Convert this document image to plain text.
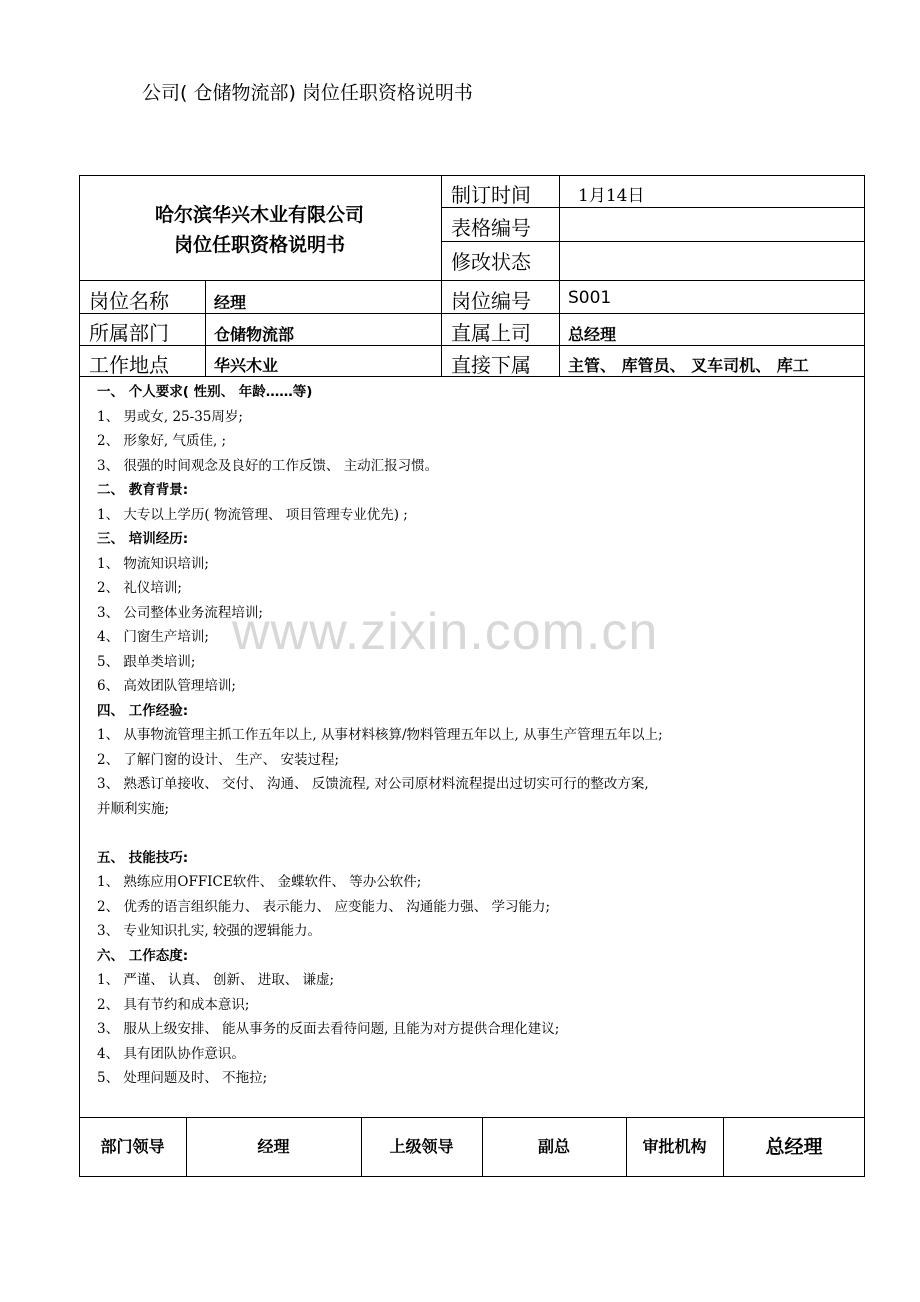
公司( 仓储物流部) 岗位任职资格说明书
www.zixin.com.cn
哈尔滨华兴木业有限公司
岗位任职资格说明书
制订时间	1月14日
表格编号
修改状态
岗位名称	经理	岗位编号 S001
所属部门	仓储物流部	直属上司 总经理
工作地点	华兴木业	直接下属 主管、 库管员、 叉车司机、 库工
一、 个人要求( 性别、 年龄……等)
1、 男或女, 25-35周岁;
2、 形象好, 气质佳, ;
3、 很强的时间观念及良好的工作反馈、 主动汇报习惯。
二、 教育背景:
1、 大专以上学历( 物流管理、 项目管理专业优先) ;
三、 培训经历:
1、 物流知识培训;
2、 礼仪培训;
3、 公司整体业务流程培训;
4、 门窗生产培训;
5、 跟单类培训;
6、 高效团队管理培训;
四、 工作经验:
1、 从事物流管理主抓工作五年以上, 从事材料核算/物料管理五年以上, 从事生产管理五年以上;
2、 了解门窗的设计、 生产、 安装过程;
3、 熟悉订单接收、 交付、 沟通、 反馈流程, 对公司原材料流程提出过切实可行的整改方案,
并顺利实施;
五、 技能技巧:
1、 熟练应用OFFICE软件、 金蝶软件、 等办公软件;
2、 优秀的语言组织能力、 表示能力、 应变能力、 沟通能力强、 学习能力;
3、 专业知识扎实, 较强的逻辑能力。
六、 工作态度:
1、 严谨、 认真、 创新、 进取、 谦虚;
2、 具有节约和成本意识;
3、 服从上级安排、 能从事务的反面去看待问题, 且能为对方提供合理化建议;
4、 具有团队协作意识。
5、 处理问题及时、 不拖拉;
部门领导	经理	上级领导	副总	审批机构	总经理
